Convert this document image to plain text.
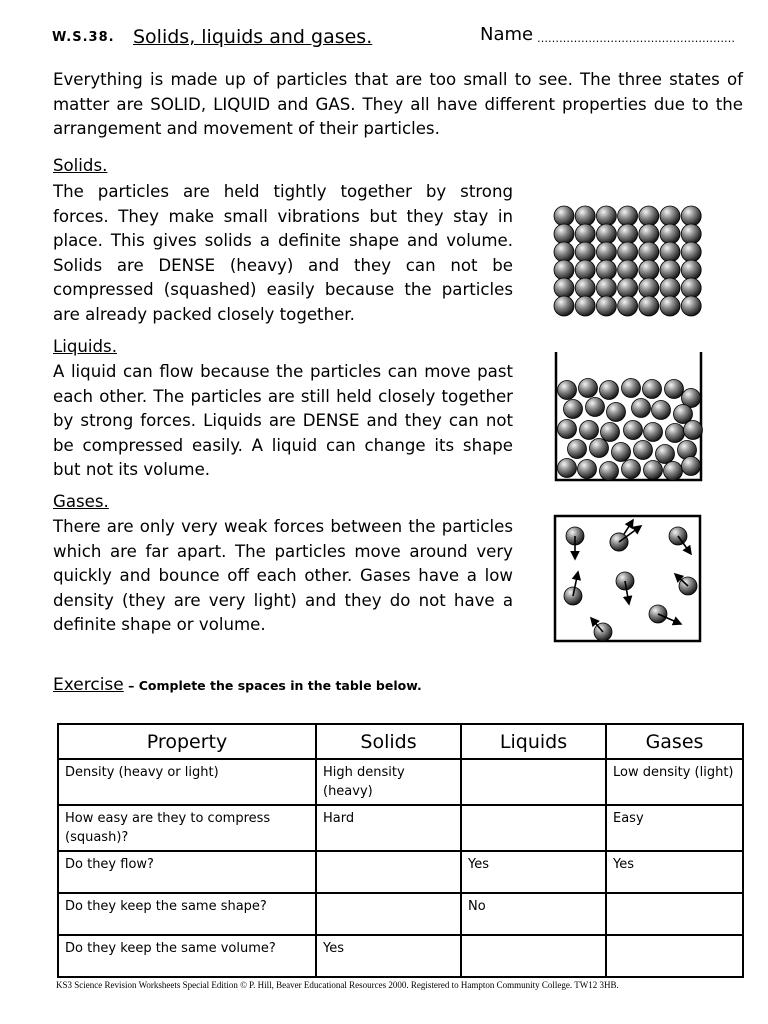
W.S.38. Solids, liquids and gases.	Name ………………………………………………
Everything is made up of particles that are too small to see. The three states of matter are SOLID, LIQUID and GAS. They all have different properties due to the arrangement and movement of their particles.
Solids.
The particles are held tightly together by strong forces. They make small vibrations but they stay in place. This gives solids a definite shape and volume. Solids are DENSE (heavy) and they can not be compressed (squashed) easily because the particles are already packed closely together.
Liquids.
A liquid can flow because the particles can move past each other. The particles are still held closely together by strong forces. Liquids are DENSE and they can not be compressed easily. A liquid can change its shape but not its volume.
Gases.
There are only very weak forces between the particles which are far apart. The particles move around very quickly and bounce off each other. Gases have a low density (they are very light) and they do not have a definite shape or volume.
Exercise – Complete the spaces in the table below.
Property	Solids	Liquids	Gases
Density (heavy or light)	High density (heavy)		Low density (light)
How easy are they to compress (squash)?	Hard		Easy
Do they flow?		Yes	Yes
Do they keep the same shape?		No	
Do they keep the same volume?	Yes		
KS3 Science Revision Worksheets Special Edition © P. Hill, Beaver Educational Resources 2000. Registered to Hampton Community College. TW12 3HB.
